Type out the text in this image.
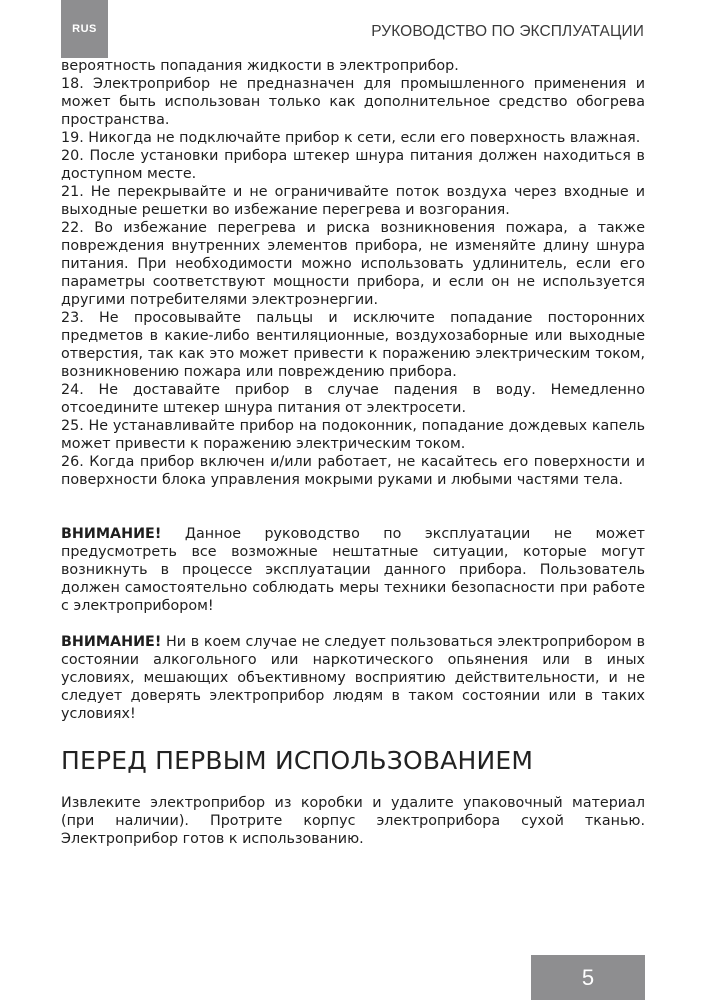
RUS	РУКОВОДСТВО ПО ЭКСПЛУАТАЦИИ

вероятность попадания жидкости в электроприбор.

18. Электроприбор не предназначен для промышленного применения и может быть использован только как дополнительное средство обогрева пространства.

19. Никогда не подключайте прибор к сети, если его поверхность влажная.

20. После установки прибора штекер шнура питания должен находиться в доступном месте.

21. Не перекрывайте и не ограничивайте поток воздуха через входные и выходные решетки во избежание перегрева и возгорания.

22. Во избежание перегрева и риска возникновения пожара, а также повреждения внутренних элементов прибора, не изменяйте длину шнура питания. При необходимости можно использовать удлинитель, если его параметры соответствуют мощности прибора, и если он не используется другими потребителями электроэнергии.

23. Не просовывайте пальцы и исключите попадание посторонних предметов в какие-либо вентиляционные, воздухозаборные или выходные отверстия, так как это может привести к поражению электрическим током, возникновению пожара или повреждению прибора.

24. Не доставайте прибор в случае падения в воду. Немедленно отсоедините штекер шнура питания от электросети.

25. Не устанавливайте прибор на подоконник, попадание дождевых капель может привести к поражению электрическим током.

26. Когда прибор включен и/или работает, не касайтесь его поверхности и поверхности блока управления мокрыми руками и любыми частями тела.

ВНИМАНИЕ! Данное руководство по эксплуатации не может предусмотреть все возможные нештатные ситуации, которые могут возникнуть в процессе эксплуатации данного прибора. Пользователь должен самостоятельно соблюдать меры техники безопасности при работе с электроприбором!

ВНИМАНИЕ! Ни в коем случае не следует пользоваться электроприбором в состоянии алкогольного или наркотического опьянения или в иных условиях, мешающих объективному восприятию действительности, и не следует доверять электроприбор людям в таком состоянии или в таких условиях!

ПЕРЕД ПЕРВЫМ ИСПОЛЬЗОВАНИЕМ

Извлеките электроприбор из коробки и удалите упаковочный материал (при наличии). Протрите корпус электроприбора сухой тканью. Электроприбор готов к использованию.

5
